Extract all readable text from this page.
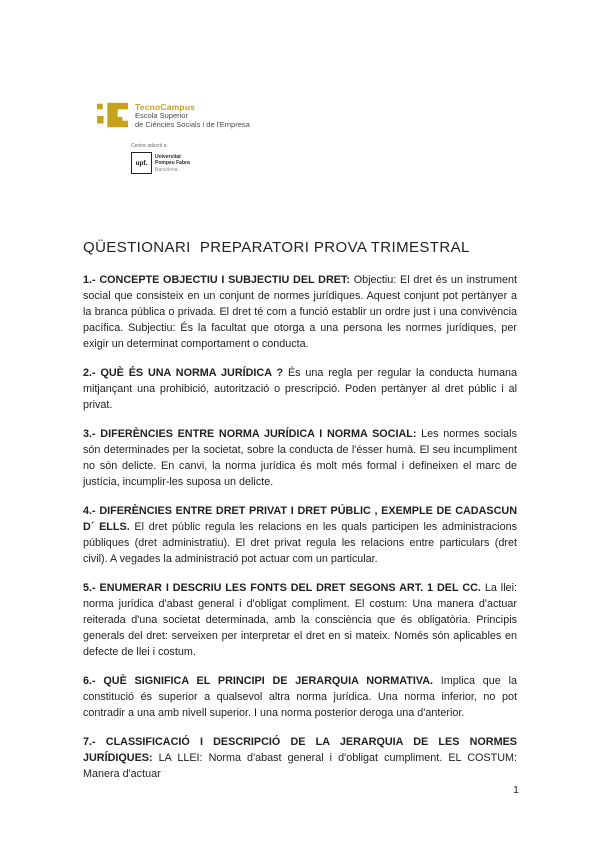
TecnoCampus
Escola Superior
de Ciències Socials i de l'Empresa
Centre adscrit a:
upf.
Universitat
Pompeu Fabra
Barcelona
QÜESTIONARI  PREPARATORI PROVA TRIMESTRAL

1.- CONCEPTE OBJECTIU I SUBJECTIU DEL DRET: Objectiu: El dret és un instrument social que consisteix en un conjunt de normes jurídiques. Aquest conjunt pot pertànyer a la branca pública o privada. El dret té com a funció establir un ordre just i una convivència pacífica. Subjectiu: És la facultat que otorga a una persona les normes jurídiques, per exigir un determinat comportament o conducta.

2.- QUÈ ÉS UNA NORMA JURÍDICA ? És una regla per regular la conducta humana mitjançant una prohibició, autorització o prescripció. Poden pertànyer al dret públic i al privat.

3.- DIFERÈNCIES ENTRE NORMA JURÍDICA I NORMA SOCIAL: Les normes socials són determinades per la societat, sobre la conducta de l'ésser humà. El seu incumpliment no són delicte. En canvi, la norma jurídica és molt més formal i defineixen el marc de justícia, incumplir-les suposa un delicte.

4.- DIFERÈNCIES ENTRE DRET PRIVAT I DRET PÚBLIC , EXEMPLE DE CADASCUN D´ ELLS. El dret públic regula les relacions en les quals participen les administracions públiques (dret administratiu). El dret privat regula les relacions entre particulars (dret civil). A vegades la administració pot actuar com un particular.

5.- ENUMERAR I DESCRIU LES FONTS DEL DRET SEGONS ART. 1 DEL CC. La llei: norma jurídica d'abast general i d'obligat compliment. El costum: Una manera d'actuar reiterada d'una societat determinada, amb la consciència que és obligatòria. Principis generals del dret: serveixen per interpretar el dret en si mateix. Només són aplicables en defecte de llei i costum.

6.- QUÈ SIGNIFICA EL PRINCIPI DE JERARQUIA NORMATIVA. Implica que la constitució és superior a qualsevol altra norma jurídica. Una norma inferior, no pot contradir a una amb nivell superior. I una norma posterior deroga una d'anterior.

7.- CLASSIFICACIÓ I DESCRIPCIÓ DE LA JERARQUIA DE LES NORMES JURÍDIQUES: LA LLEI: Norma d'abast general i d'obligat cumpliment. EL COSTUM: Manera d'actuar

1
